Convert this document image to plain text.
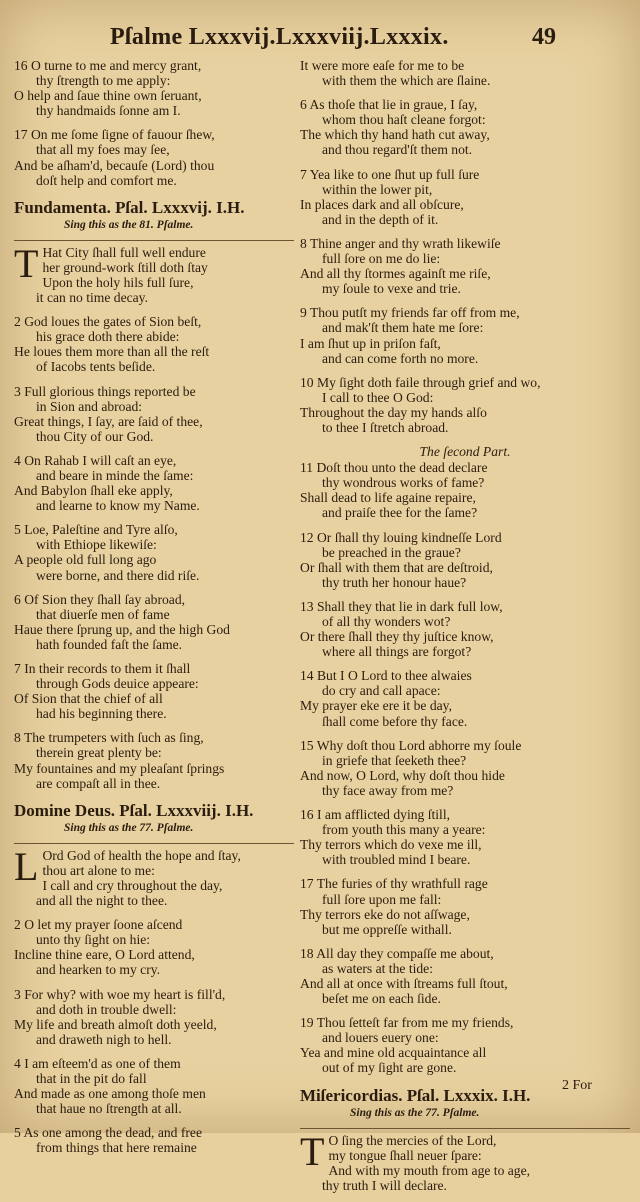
Pſalme Lxxxvij.Lxxxviij.Lxxxix.	49
16 O turne to me and mercy grant,
thy ſtrength to me apply:
O help and ſaue thine own ſeruant,
thy handmaids ſonne am I.
17 On me ſome ſigne of fauour ſhew,
that all my foes may ſee,
And be aſham'd, becauſe (Lord) thou
doſt help and comfort me.
Fundamenta. Pſal. Lxxxvij. I.H.
Sing this as the 81. Pſalme.
T Hat City ſhall full well endure
her ground-work ſtill doth ſtay
Upon the holy hils full ſure,
it can no time decay.
2 God loues the gates of Sion beſt,
his grace doth there abide:
He loues them more than all the reſt
of Iacobs tents beſide.
3 Full glorious things reported be
in Sion and abroad:
Great things, I ſay, are ſaid of thee,
thou City of our God.
4 On Rahab I will caſt an eye,
and beare in minde the ſame:
And Babylon ſhall eke apply,
and learne to know my Name.
5 Loe, Paleſtine and Tyre alſo,
with Ethiope likewiſe:
A people old full long ago
were borne, and there did riſe.
6 Of Sion they ſhall ſay abroad,
that diuerſe men of fame
Haue there ſprung up, and the high God
hath founded faſt the ſame.
7 In their records to them it ſhall
through Gods deuice appeare:
Of Sion that the chief of all
had his beginning there.
8 The trumpeters with ſuch as ſing,
therein great plenty be:
My fountaines and my pleaſant ſprings
are compaſt all in thee.
Domine Deus. Pſal. Lxxxviij. I.H.
Sing this as the 77. Pſalme.
L Ord God of health the hope and ſtay,
thou art alone to me:
I call and cry throughout the day,
and all the night to thee.
2 O let my prayer ſoone aſcend
unto thy ſight on hie:
Incline thine eare, O Lord attend,
and hearken to my cry.
3 For why? with woe my heart is fill'd,
and doth in trouble dwell:
My life and breath almoſt doth yeeld,
and draweth nigh to hell.
4 I am eſteem'd as one of them
that in the pit do fall
And made as one among thoſe men
that haue no ſtrength at all.
5 As one among the dead, and free
from things that here remaine
It were more eaſe for me to be
with them the which are ſlaine.
6 As thoſe that lie in graue, I ſay,
whom thou haſt cleane forgot:
The which thy hand hath cut away,
and thou regard'ſt them not.
7 Yea like to one ſhut up full ſure
within the lower pit,
In places dark and all obſcure,
and in the depth of it.
8 Thine anger and thy wrath likewiſe
full ſore on me do lie:
And all thy ſtormes againſt me riſe,
my ſoule to vexe and trie.
9 Thou putſt my friends far off from me,
and mak'ſt them hate me ſore:
I am ſhut up in priſon faſt,
and can come forth no more.
10 My ſight doth faile through grief and wo,
I call to thee O God:
Throughout the day my hands alſo
to thee I ſtretch abroad.
The ſecond Part.
11 Doſt thou unto the dead declare
thy wondrous works of fame?
Shall dead to life againe repaire,
and praiſe thee for the ſame?
12 Or ſhall thy louing kindneſſe Lord
be preached in the graue?
Or ſhall with them that are deſtroid,
thy truth her honour haue?
13 Shall they that lie in dark full low,
of all thy wonders wot?
Or there ſhall they thy juſtice know,
where all things are forgot?
14 But I O Lord to thee alwaies
do cry and call apace:
My prayer eke ere it be day,
ſhall come before thy face.
15 Why doſt thou Lord abhorre my ſoule
in griefe that ſeeketh thee?
And now, O Lord, why doſt thou hide
thy face away from me?
16 I am afflicted dying ſtill,
from youth this many a yeare:
Thy terrors which do vexe me ill,
with troubled mind I beare.
17 The furies of thy wrathfull rage
full ſore upon me fall:
Thy terrors eke do not aſſwage,
but me oppreſſe withall.
18 All day they compaſſe me about,
as waters at the tide:
And all at once with ſtreams full ſtout,
beſet me on each ſide.
19 Thou ſetteſt far from me my friends,
and louers euery one:
Yea and mine old acquaintance all
out of my ſight are gone.
Miſericordias. Pſal. Lxxxix. I.H.
Sing this as the 77. Pſalme.
T O ſing the mercies of the Lord,
my tongue ſhall neuer ſpare:
And with my mouth from age to age,
thy truth I will declare.
2 For
